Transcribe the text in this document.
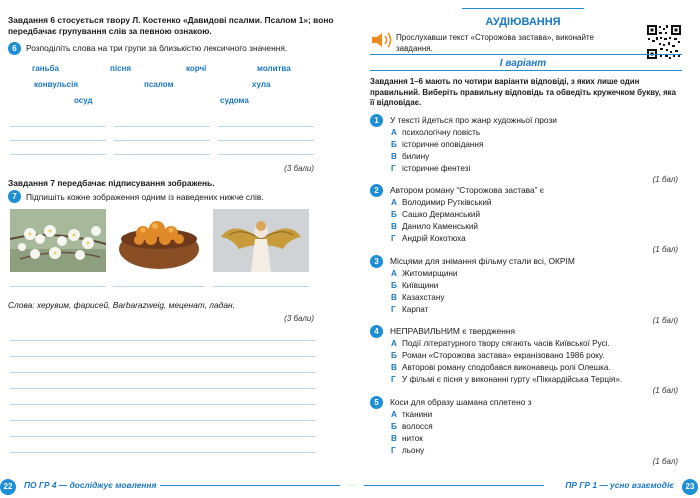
Завдання 6 стосується твору Л. Костенко «Давидові псалми. Псалом 1»; воно передбачає групування слів за певною ознакою.
6	Розподіліть слова на три групи за близькістю лексичного значення.
ганьба	пісня	корчі	молитва
конвульсія	псалом	хула
осуд	судома
(3 бали)
Завдання 7 передбачає підписування зображень.
7	Підпишіть кожне зображення одним із наведених нижче слів.
Слова: херувим, фарисей, Barbarazweig, меценат, ладан.
(3 бали)
22	ПО ГР 4 — досліджує мовлення
АУДІЮВАННЯ
Прослухавши текст «Сторожова застава», виконайте завдання.
І варіант
Завдання 1–6 мають по чотири варіанти відповіді, з яких лише один правильний. Виберіть правильну відповідь та обведіть кружечком букву, яка її відповідає.
1	У тексті йдеться про жанр художньої прози
А психологічну повість
Б історичне оповідання
В билину
Г історичне фентезі
(1 бал)
2	Автором роману “Сторожова застава” є
А Володимир Рутківський
Б Сашко Дерманський
В Данило Каменський
Г Андрій Кокотюха
(1 бал)
3	Місцями для знімання фільму стали всі, ОКРІМ
А Житомирщини
Б Київщини
В Казахстану
Г Карпат
(1 бал)
4	НЕПРАВИЛЬНИМ є твердження
А Події літературного твору сягають часів Київської Русі.
Б Роман «Сторожова застава» екранізовано 1986 року.
В Авторові роману сподобався виконавець ролі Олешка.
Г У фільмі є пісня у виконанні гурту «Піккардійська Терція».
(1 бал)
5	Коси для образу шамана сплетено з
А тканини
Б волосся
В ниток
Г льону
(1 бал)
ПР ГР 1 — усно взаємодіє	23
